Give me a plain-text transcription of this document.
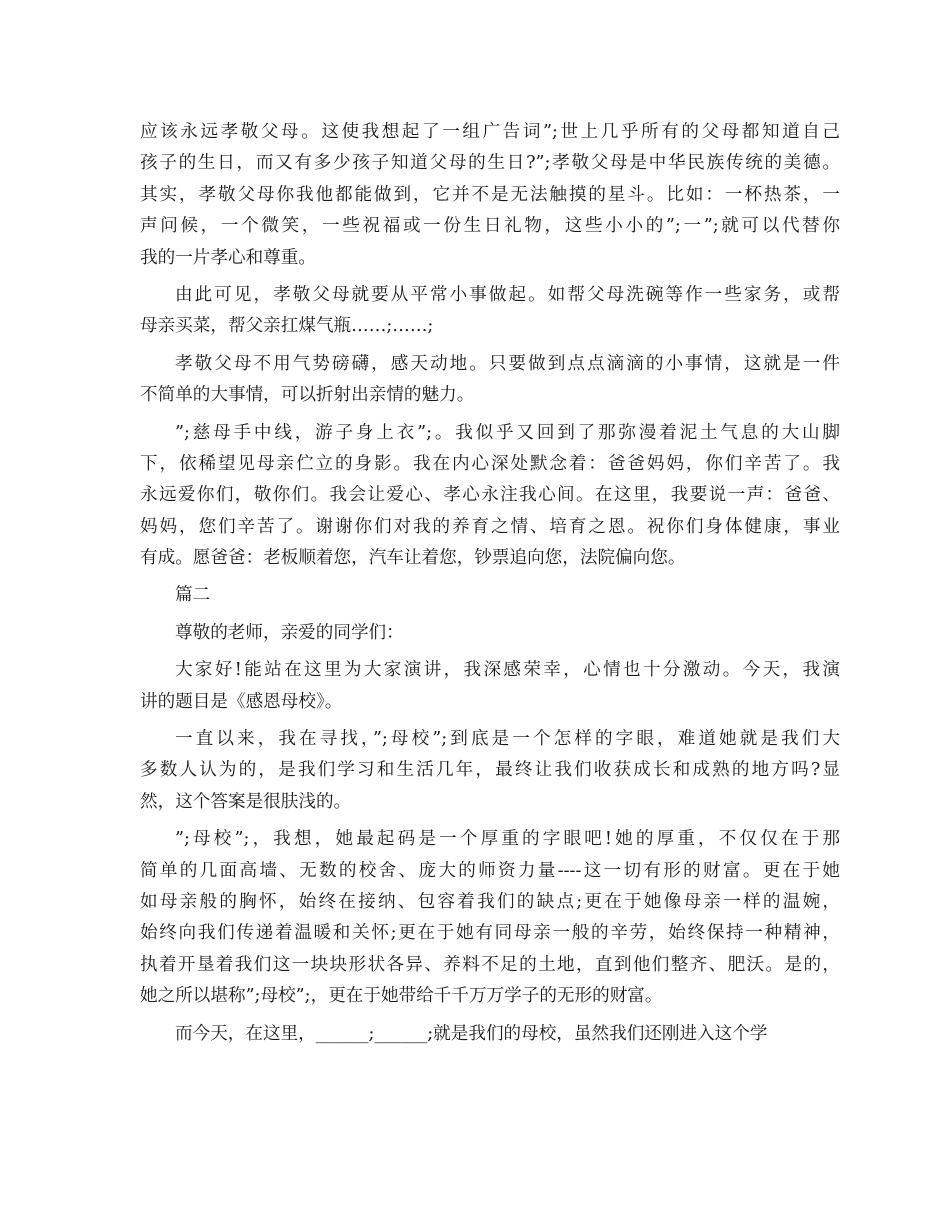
应该永远孝敬父母。这使我想起了一组广告词”;世上几乎所有的父母都知道自己
孩子的生日，而又有多少孩子知道父母的生日?”;孝敬父母是中华民族传统的美德。
其实，孝敬父母你我他都能做到，它并不是无法触摸的星斗。比如：一杯热茶，一
声问候，一个微笑，一些祝福或一份生日礼物，这些小小的”;一”;就可以代替你
我的一片孝心和尊重。
由此可见，孝敬父母就要从平常小事做起。如帮父母洗碗等作一些家务，或帮
母亲买菜，帮父亲扛煤气瓶……;……;
孝敬父母不用气势磅礴，感天动地。只要做到点点滴滴的小事情，这就是一件
不简单的大事情，可以折射出亲情的魅力。
”;慈母手中线，游子身上衣”;。我似乎又回到了那弥漫着泥土气息的大山脚
下，依稀望见母亲伫立的身影。我在内心深处默念着：爸爸妈妈，你们辛苦了。我
永远爱你们，敬你们。我会让爱心、孝心永注我心间。在这里，我要说一声：爸爸、
妈妈，您们辛苦了。谢谢你们对我的养育之情、培育之恩。祝你们身体健康，事业
有成。愿爸爸：老板顺着您，汽车让着您，钞票追向您，法院偏向您。
篇二
尊敬的老师，亲爱的同学们：
大家好!能站在这里为大家演讲，我深感荣幸，心情也十分激动。今天，我演
讲的题目是《感恩母校》。
一直以来，我在寻找，”;母校”;到底是一个怎样的字眼，难道她就是我们大
多数人认为的，是我们学习和生活几年，最终让我们收获成长和成熟的地方吗?显
然，这个答案是很肤浅的。
”;母校”;，我想，她最起码是一个厚重的字眼吧!她的厚重，不仅仅在于那
简单的几面高墙、无数的校舍、庞大的师资力量----这一切有形的财富。更在于她
如母亲般的胸怀，始终在接纳、包容着我们的缺点;更在于她像母亲一样的温婉，
始终向我们传递着温暖和关怀;更在于她有同母亲一般的辛劳，始终保持一种精神，
执着开垦着我们这一块块形状各异、养料不足的土地，直到他们整齐、肥沃。是的，
她之所以堪称”;母校”;，更在于她带给千千万万学子的无形的财富。
而今天，在这里，______;______;就是我们的母校，虽然我们还刚进入这个学
